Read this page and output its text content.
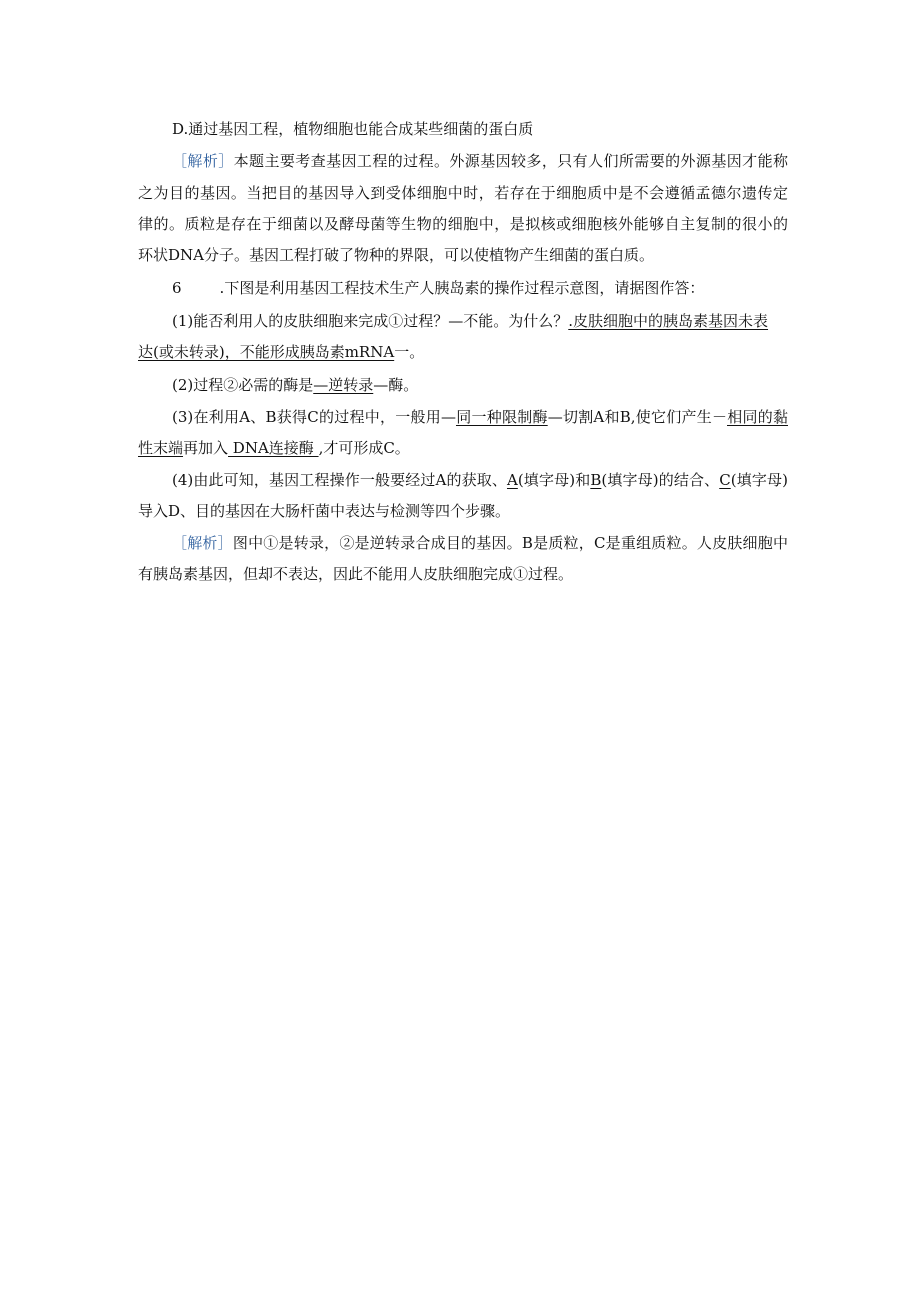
D.通过基因工程，植物细胞也能合成某些细菌的蛋白质
［解析］本题主要考查基因工程的过程。外源基因较多，只有人们所需要的外源基因才能称
之为目的基因。当把目的基因导入到受体细胞中时，若存在于细胞质中是不会遵循孟德尔遗传定
律的。质粒是存在于细菌以及酵母菌等生物的细胞中，是拟核或细胞核外能够自主复制的很小的
环状DNA分子。基因工程打破了物种的界限，可以使植物产生细菌的蛋白质。
6	.下图是利用基因工程技术生产人胰岛素的操作过程示意图，请据图作答：
(1)能否利用人的皮肤细胞来完成①过程？—不能。为什么？.皮肤细胞中的胰岛素基因未表
达(或未转录)，不能形成胰岛素mRNA一。
(2)过程②必需的酶是—逆转录—酶。
(3)在利用A、B获得C的过程中，一般用—同一种限制酶—切割A和B,使它们产生－相同的黏
性末端再加入 DNA连接酶 ,才可形成C。
(4)由此可知，基因工程操作一般要经过A的获取、A(填字母)和B(填字母)的结合、C(填字母)
导入D、目的基因在大肠杆菌中表达与检测等四个步骤。
［解析］图中①是转录，②是逆转录合成目的基因。B是质粒，C是重组质粒。人皮肤细胞中
有胰岛素基因，但却不表达，因此不能用人皮肤细胞完成①过程。
